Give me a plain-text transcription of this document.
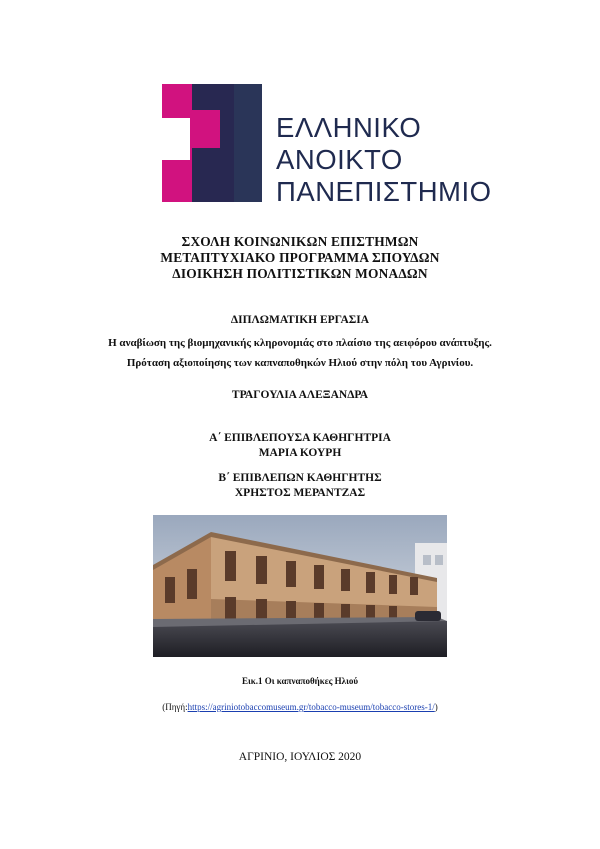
ΕΛΛΗΝΙΚΟ
ΑΝΟΙΚΤΟ
ΠΑΝΕΠΙΣΤΗΜΙΟ
ΣΧΟΛΗ ΚΟΙΝΩΝΙΚΩΝ ΕΠΙΣΤΗΜΩΝ
ΜΕΤΑΠΤΥΧΙΑΚΟ ΠΡΟΓΡΑΜΜΑ ΣΠΟΥΔΩΝ
ΔΙΟΙΚΗΣΗ ΠΟΛΙΤΙΣΤΙΚΩΝ ΜΟΝΑΔΩΝ
ΔΙΠΛΩΜΑΤΙΚΗ ΕΡΓΑΣΙΑ
Η αναβίωση της βιομηχανικής κληρονομιάς στο πλαίσιο της αειφόρου ανάπτυξης.
Πρόταση αξιοποίησης των καπναποθηκών Ηλιού στην πόλη του Αγρινίου.
ΤΡΑΓΟΥΛΙΑ ΑΛΕΞΑΝΔΡΑ
Α΄ ΕΠΙΒΛΕΠΟΥΣΑ ΚΑΘΗΓΗΤΡΙΑ
ΜΑΡΙΑ ΚΟΥΡΗ
Β΄ ΕΠΙΒΛΕΠΩΝ ΚΑΘΗΓΗΤΗΣ
ΧΡΗΣΤΟΣ ΜΕΡΑΝΤΖΑΣ
Εικ.1 Οι καπναποθήκες Ηλιού
(Πηγή:https://agriniotobaccomuseum.gr/tobacco-museum/tobacco-stores-1/)
ΑΓΡΙΝΙΟ, ΙΟΥΛΙΟΣ 2020
